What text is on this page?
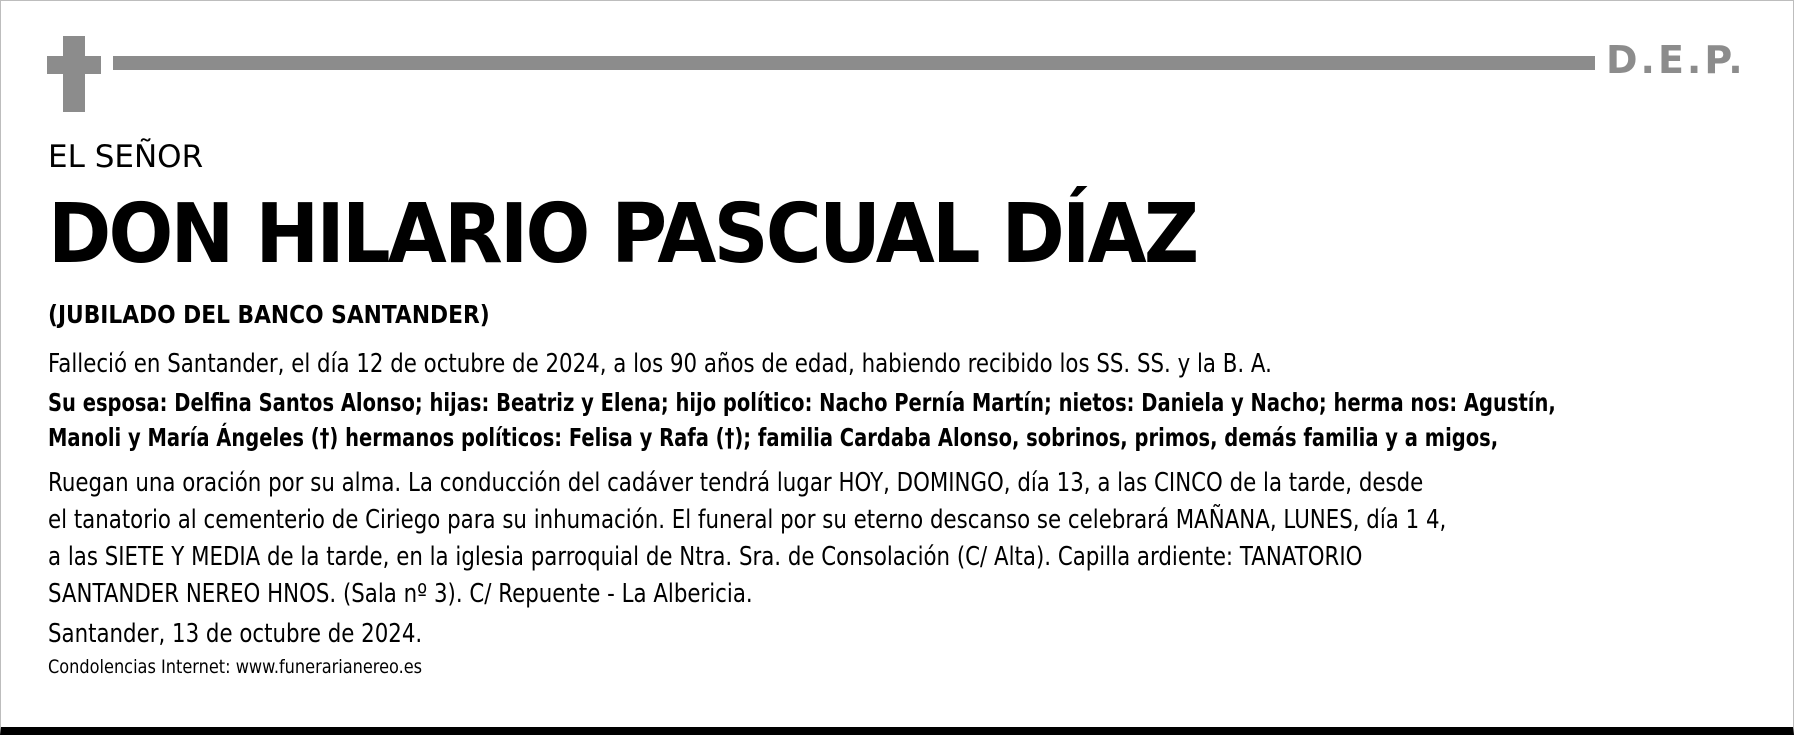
D.E.P.
EL SEÑOR
DON HILARIO PASCUAL DÍAZ
(JUBILADO DEL BANCO SANTANDER)
Falleció en Santander, el día 12 de octubre de 2024, a los 90 años de edad, habiendo recibido los SS. SS. y la B. A.
Su esposa: Delfina Santos Alonso; hijas: Beatriz y Elena; hijo político: Nacho Pernía Martín; nietos: Daniela y Nacho; herma nos: Agustín,
Manoli y María Ángeles (†) hermanos políticos: Felisa y Rafa (†); familia Cardaba Alonso, sobrinos, primos, demás familia y a migos,
Ruegan una oración por su alma. La conducción del cadáver tendrá lugar HOY, DOMINGO, día 13, a las CINCO de la tarde, desde
el tanatorio al cementerio de Ciriego para su inhumación. El funeral por su eterno descanso se celebrará MAÑANA, LUNES, día 1 4,
a las SIETE Y MEDIA de la tarde, en la iglesia parroquial de Ntra. Sra. de Consolación (C/ Alta). Capilla ardiente: TANATORIO
SANTANDER NEREO HNOS. (Sala nº 3). C/ Repuente - La Albericia.
Santander, 13 de octubre de 2024.
Condolencias Internet: www.funerarianereo.es
